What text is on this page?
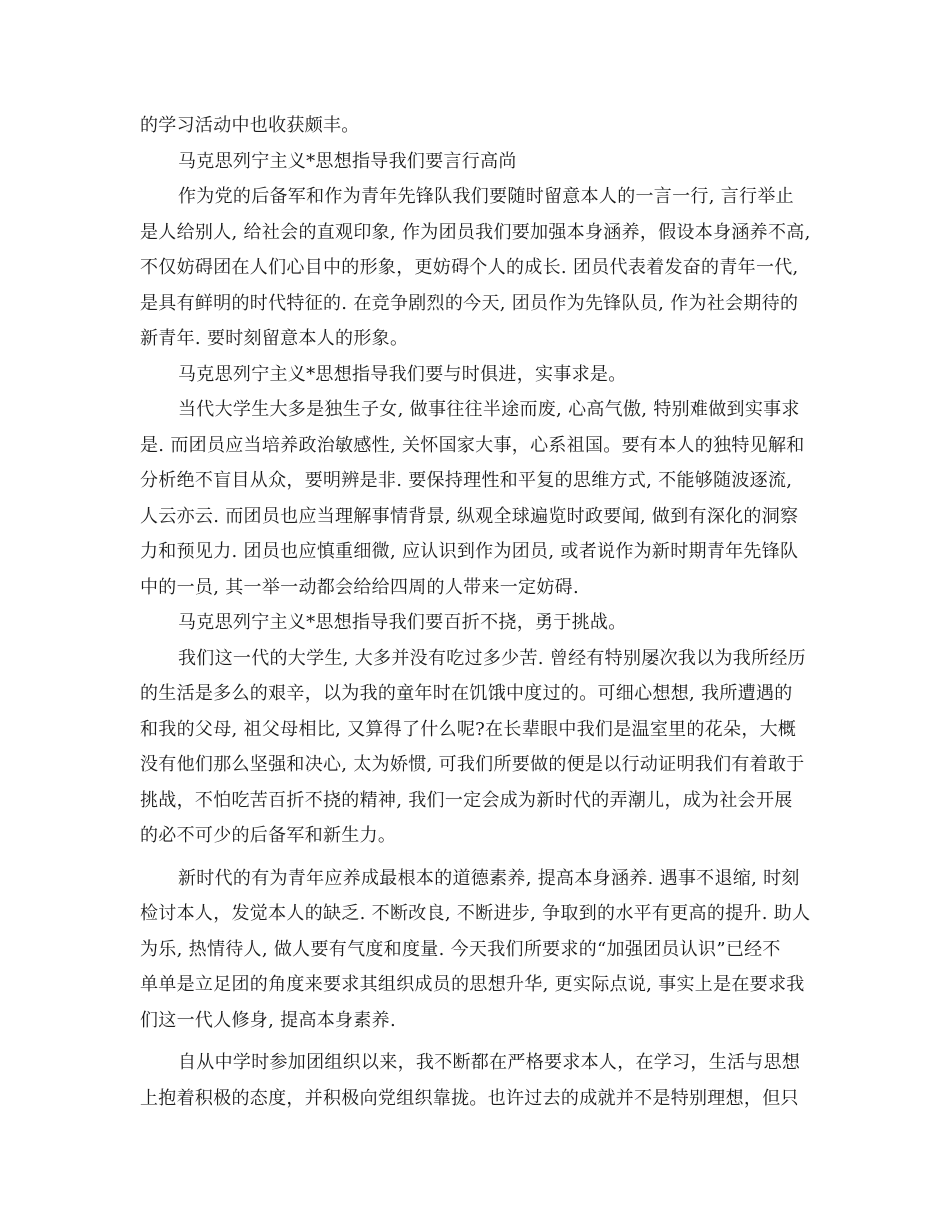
的学习活动中也收获颇丰。
马克思列宁主义*思想指导我们要言行高尚
作为党的后备军和作为青年先锋队我们要随时留意本人的一言一行, 言行举止
是人给别人, 给社会的直观印象, 作为团员我们要加强本身涵养，假设本身涵养不高,
不仅妨碍团在人们心目中的形象，更妨碍个人的成长. 团员代表着发奋的青年一代,
是具有鲜明的时代特征的. 在竞争剧烈的今天, 团员作为先锋队员, 作为社会期待的
新青年. 要时刻留意本人的形象。
马克思列宁主义*思想指导我们要与时俱进，实事求是。
当代大学生大多是独生子女, 做事往往半途而废, 心高气傲, 特别难做到实事求
是. 而团员应当培养政治敏感性, 关怀国家大事，心系祖国。要有本人的独特见解和
分析绝不盲目从众，要明辨是非. 要保持理性和平复的思维方式, 不能够随波逐流,
人云亦云. 而团员也应当理解事情背景, 纵观全球遍览时政要闻, 做到有深化的洞察
力和预见力. 团员也应慎重细微, 应认识到作为团员, 或者说作为新时期青年先锋队
中的一员, 其一举一动都会给给四周的人带来一定妨碍.
马克思列宁主义*思想指导我们要百折不挠，勇于挑战。
我们这一代的大学生, 大多并没有吃过多少苦. 曾经有特别屡次我以为我所经历
的生活是多么的艰辛，以为我的童年时在饥饿中度过的。可细心想想, 我所遭遇的
和我的父母, 祖父母相比, 又算得了什么呢?在长辈眼中我们是温室里的花朵，大概
没有他们那么坚强和决心, 太为娇惯, 可我们所要做的便是以行动证明我们有着敢于
挑战，不怕吃苦百折不挠的精神, 我们一定会成为新时代的弄潮儿，成为社会开展
的必不可少的后备军和新生力。
新时代的有为青年应养成最根本的道德素养, 提高本身涵养. 遇事不退缩, 时刻
检讨本人，发觉本人的缺乏. 不断改良, 不断进步, 争取到的水平有更高的提升. 助人
为乐, 热情待人, 做人要有气度和度量. 今天我们所要求的“加强团员认识”已经不
单单是立足团的角度来要求其组织成员的思想升华, 更实际点说, 事实上是在要求我
们这一代人修身, 提高本身素养.
自从中学时参加团组织以来，我不断都在严格要求本人，在学习，生活与思想
上抱着积极的态度，并积极向党组织靠拢。也许过去的成就并不是特别理想，但只
